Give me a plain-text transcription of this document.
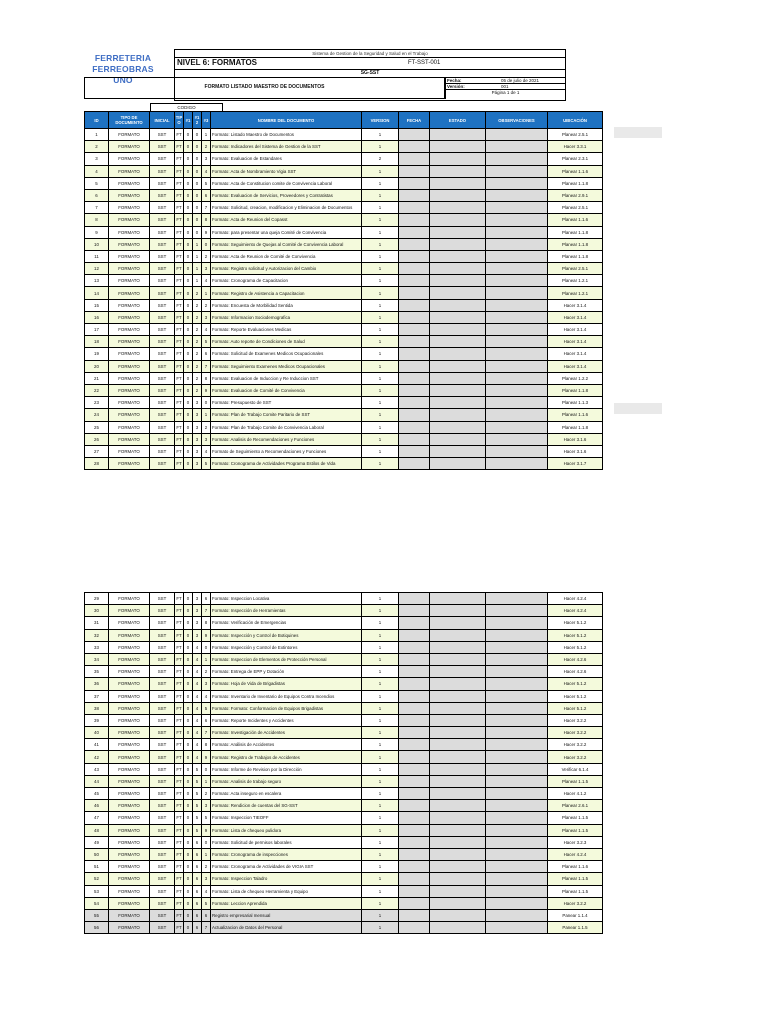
FERRETERIA
FERREOBRAS UNO
Sistema de Gestion de la Seguridad y Salud en el Trabajo
NIVEL 6: FORMATOS	FT-SST-001
SG-SST
FORMATO LISTADO MAESTRO DE DOCUMENTOS
Fecha:	05 de julio de 2021
Versión:	001
Página 1 de 1
CODIGO
ID	TIPO DE DOCUMENTO	INICIAL	TIP O	#1	#1 2	#3	NOMBRE DEL DOCUMENTO	VERSION	FECHA	ESTADO	OBSERVACIONES	UBICACIÓN
1	FORMATO	SST	FT	0	0	1	Formato: Listado Maestro de Documentos	1				Planear 2.5.1
2	FORMATO	SST	FT	0	0	2	Formato: Indicadores del Sistema de Gestion de la SST	1				Hacer 3.3.1
3	FORMATO	SST	FT	0	0	3	Formato: Evaluacion de Estandares	2				Planear 2.3.1
4	FORMATO	SST	FT	0	0	4	Formato: Acta de Nombramiento Vigia SST	1				Planear 1.1.6
5	FORMATO	SST	FT	0	0	5	Formato: Acta de Constitucion comite de Convivencia Laboral	1				Planear 1.1.8
6	FORMATO	SST	FT	0	0	6	Formato: Evaluacion de Servicios, Proveedores y Contratistas	1				Planear 2.9.1
7	FORMATO	SST	FT	0	0	7	Formato: Solicitud, creacion, modificacion y Eliminacion de Documentos	1				Planear 2.5.1
8	FORMATO	SST	FT	0	0	8	Formato: Acta de Reunion del Copasst	1				Planear 1.1.6
9	FORMATO	SST	FT	0	0	9	Formato: para presentar una queja Comité de Convivencia	1				Planear 1.1.8
10	FORMATO	SST	FT	0	1	0	Formato: Seguimiento de Quejas al Comité de Convivencia Laboral	1				Planear 1.1.8
11	FORMATO	SST	FT	0	1	2	Formato: Acta de Reunion de Comité de Convivencia	1				Planear 1.1.8
12	FORMATO	SST	FT	0	1	3	Formato: Registro solicitud y Autorizacion del Cambio	1				Planear 2.5.1
13	FORMATO	SST	FT	0	1	4	Formato: Cronograma de Capacitacion	1				Planear 1.2.1
14	FORMATO	SST	FT	0	2	1	Formato: Registro de Asistencia a Capacitacion	1				Planear 1.2.1
15	FORMATO	SST	FT	0	2	2	Formato: Encuesta de Morbilidad Sentida	1				Hacer 3.1.4
16	FORMATO	SST	FT	0	2	3	Formato: Informacion Sociodemografica	1				Hacer 3.1.4
17	FORMATO	SST	FT	0	2	4	Formato: Reporte Evaluaciones Medicas	1				Hacer 3.1.4
18	FORMATO	SST	FT	0	2	5	Formato: Auto reporte de Condiciones de Salud	1				Hacer 3.1.4
19	FORMATO	SST	FT	0	2	6	Formato: Solicitud de Examenes Medicos Ocupacionales	1				Hacer 3.1.4
20	FORMATO	SST	FT	0	2	7	Formato: Seguimiento Examenes Medicos Ocupacionales	1				Hacer 3.1.4
21	FORMATO	SST	FT	0	2	8	Formato: Evaluacion de Induccion y Re Induccion SST	1				Planear 1.2.2
22	FORMATO	SST	FT	0	2	9	Formato: Evaluacion de Comité de Convivencia	1				Planear 1.1.8
23	FORMATO	SST	FT	0	3	0	Formato: Presupuesto de SST	1				Planear 1.1.3
24	FORMATO	SST	FT	0	3	1	Formato: Plan de Trabajo Comite Paritario de SST	1				Planear 1.1.6
25	FORMATO	SST	FT	0	3	2	Formato: Plan de Trabajo Comite de Convivencia Laboral	1				Planear 1.1.8
26	FORMATO	SST	FT	0	3	3	Formato: Analisis de Recomendaciones y Funciones	1				Hacer 3.1.6
27	FORMATO	SST	FT	0	3	4	Formato de Seguimiento a Recomendaciones y Funciones	1				Hacer 3.1.6
28	FORMATO	SST	FT	0	3	5	Formato: Cronograma de Actividades Programa Estilos de Vida	1				Hacer 3.1.7
29	FORMATO	SST	FT	0	3	6	Formato: Inspeccion Locativa	1				Hacer 4.2.4
30	FORMATO	SST	FT	0	3	7	Formato: Inspección de Herramientas	1				Hacer 4.2.4
31	FORMATO	SST	FT	0	3	8	Formato: Verificación de Emergencias	1				Hacer 5.1.2
32	FORMATO	SST	FT	0	3	9	Formato: Inspección y Control de Botiquines	1				Hacer 5.1.2
33	FORMATO	SST	FT	0	4	0	Formato: Inspección y Control de Extintores	1				Hacer 5.1.2
34	FORMATO	SST	FT	0	4	1	Formato: Inspeccion de Elementos de Protección Personal	1				Hacer 4.2.6
35	FORMATO	SST	FT	0	4	2	Formato: Entrega de EPP y Dotación	1				Hacer 4.2.6
36	FORMATO	SST	FT	0	4	3	Formato: Hoja de Vida de Brigadistas	1				Hacer 5.1.2
37	FORMATO	SST	FT	0	4	4	Formato: Inventario de Inventario de Equipos Contra Incendios	1				Hacer 5.1.2
38	FORMATO	SST	FT	0	4	5	Formato: Formato: Conformacion de Equipos Brigadistas	1				Hacer 5.1.2
39	FORMATO	SST	FT	0	4	6	Formato: Reporte Incidentes y Accidentes	1				Hacer 3.2.2
40	FORMATO	SST	FT	0	4	7	Formato: Investigación de Accidentes	1				Hacer 3.2.2
41	FORMATO	SST	FT	0	4	8	Formato: Análisis de Accidentes	1				Hacer 3.2.2
42	FORMATO	SST	FT	0	4	9	Formato: Registro de Trabajos de Accidentes	1				Hacer 3.2.2
43	FORMATO	SST	FT	0	5	0	Formato: Informe de Revision por la Dirección	1				Verificar 6.1.4
44	FORMATO	SST	FT	0	5	1	Formato: Analisis de trabajo seguro	1				Planear 1.1.5
45	FORMATO	SST	FT	0	5	2	Formato: Acta inseguro en escalera	1				Hacer 4.1.2
46	FORMATO	SST	FT	0	5	3	Formato: Rendicion de cuentas del SG-SST	1				Planear 2.6.1
47	FORMATO	SST	FT	0	5	5	Formato: Inspeccion TIEOFF	1				Planear 1.1.5
48	FORMATO	SST	FT	0	5	9	Formato: Lista de chequeo pulidora	1				Planear 1.1.5
49	FORMATO	SST	FT	0	6	0	Formato: Solicitud de permisos laborales	1				Hacer 3.2.3
50	FORMATO	SST	FT	0	6	1	Formato: Cronograma de inspecciones	1				Hacer 4.2.4
51	FORMATO	SST	FT	0	6	2	Formato: Cronograma de Actividades de VIGIA SST	1				Planear 1.1.6
52	FORMATO	SST	FT	0	6	3	Formato: Inspeccion Taladro	1				Planear 1.1.5
53	FORMATO	SST	FT	0	6	4	Formato: Lista de chequeo Herramienta y Equipo	1				Planear 1.1.5
54	FORMATO	SST	FT	0	6	5	Formato: Leccion Aprendida	1				Hacer 3.2.2
55	FORMATO	SST	FT	0	6	6	Registro empresarial mensual	1				Panear 1.1.4
56	FORMATO	SST	FT	0	6	7	Actualizacion de Datos del Personal	1				Panear 1.1.5
